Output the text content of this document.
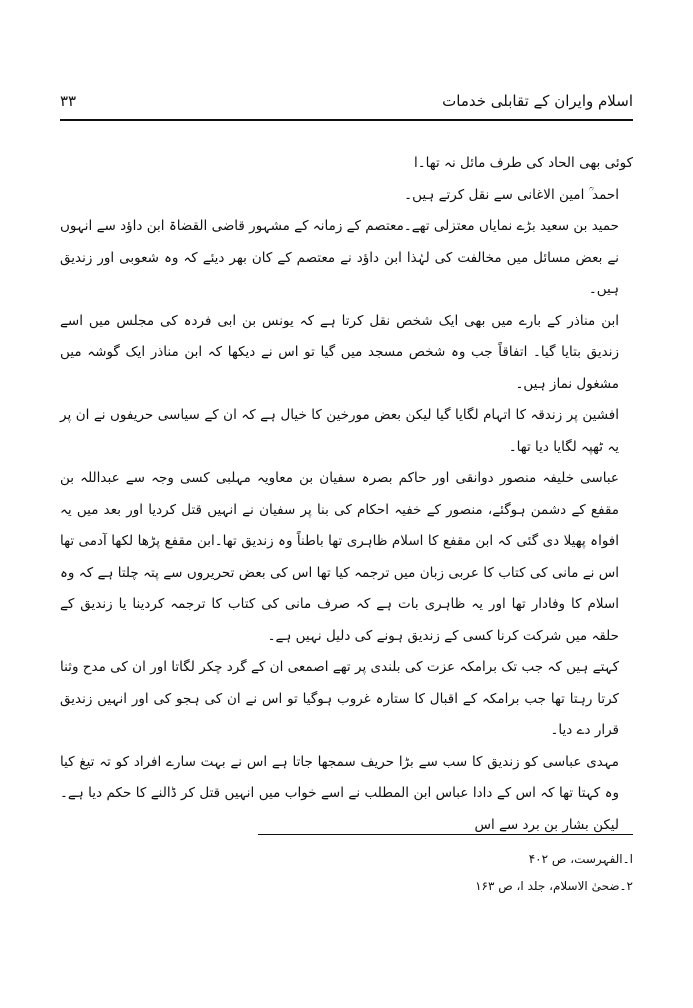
اسلام وایران کے تقابلی خدمات
۳۳

کوئی بھی الحاد کی طرف مائل نہ تھا۔ا

احمد ؒ امین الاغانی سے نقل کرتے ہیں۔

حمید بن سعید بڑے نمایاں معتزلی تھے۔معتصم کے زمانہ کے مشہور قاضی القضاۃ ابن داؤد سے انہوں نے بعض مسائل میں مخالفت کی لہٰذا ابن داؤد نے معتصم کے کان بھر دیئے کہ وہ شعوبی اور زندیق ہیں۔

ابن مناذر کے بارے میں بھی ایک شخص نقل کرتا ہے کہ یونس بن ابی فردہ کی مجلس میں اسے زندیق بتایا گیا۔ اتفاقاً جب وہ شخص مسجد میں گیا تو اس نے دیکھا کہ ابن مناذر ایک گوشہ میں مشغول نماز ہیں۔

افشین پر زندقہ کا اتہام لگایا گیا لیکن بعض مورخین کا خیال ہے کہ ان کے سیاسی حریفوں نے ان پر یہ ٹھپہ لگایا دیا تھا۔

عباسی خلیفہ منصور دوانقی اور حاکم بصرہ سفیان بن معاویہ مہلبی کسی وجہ سے عبداللہ بن مقفع کے دشمن ہوگئے، منصور کے خفیہ احکام کی بنا پر سفیان نے انہیں قتل کردیا اور بعد میں یہ افواہ پھیلا دی گئی کہ ابن مقفع کا اسلام ظاہری تھا باطناً وہ زندیق تھا۔ابن مقفع پڑھا لکھا آدمی تھا اس نے مانی کی کتاب کا عربی زبان میں ترجمہ کیا تھا اس کی بعض تحریروں سے پتہ چلتا ہے کہ وہ اسلام کا وفادار تھا اور یہ ظاہری بات ہے کہ صرف مانی کی کتاب کا ترجمہ کردینا یا زندیق کے حلقہ میں شرکت کرنا کسی کے زندیق ہونے کی دلیل نہیں ہے۔

کہتے ہیں کہ جب تک برامکہ عزت کی بلندی پر تھے اصمعی ان کے گرد چکر لگاتا اور ان کی مدح وثنا کرتا رہتا تھا جب برامکہ کے اقبال کا ستارہ غروب ہوگیا تو اس نے ان کی ہجو کی اور انہیں زندیق قرار دے دیا۔

مہدی عباسی کو زندیق کا سب سے بڑا حریف سمجھا جاتا ہے اس نے بہت سارے افراد کو تہ تیغ کیا وہ کہتا تھا کہ اس کے دادا عباس ابن المطلب نے اسے خواب میں انہیں قتل کر ڈالنے کا حکم دیا ہے۔لیکن بشار بن برد سے اس

ا۔الفہرست، ص ۴۰۲

۲۔ضحیٰ الاسلام، جلد ا، ص ۱۶۳
